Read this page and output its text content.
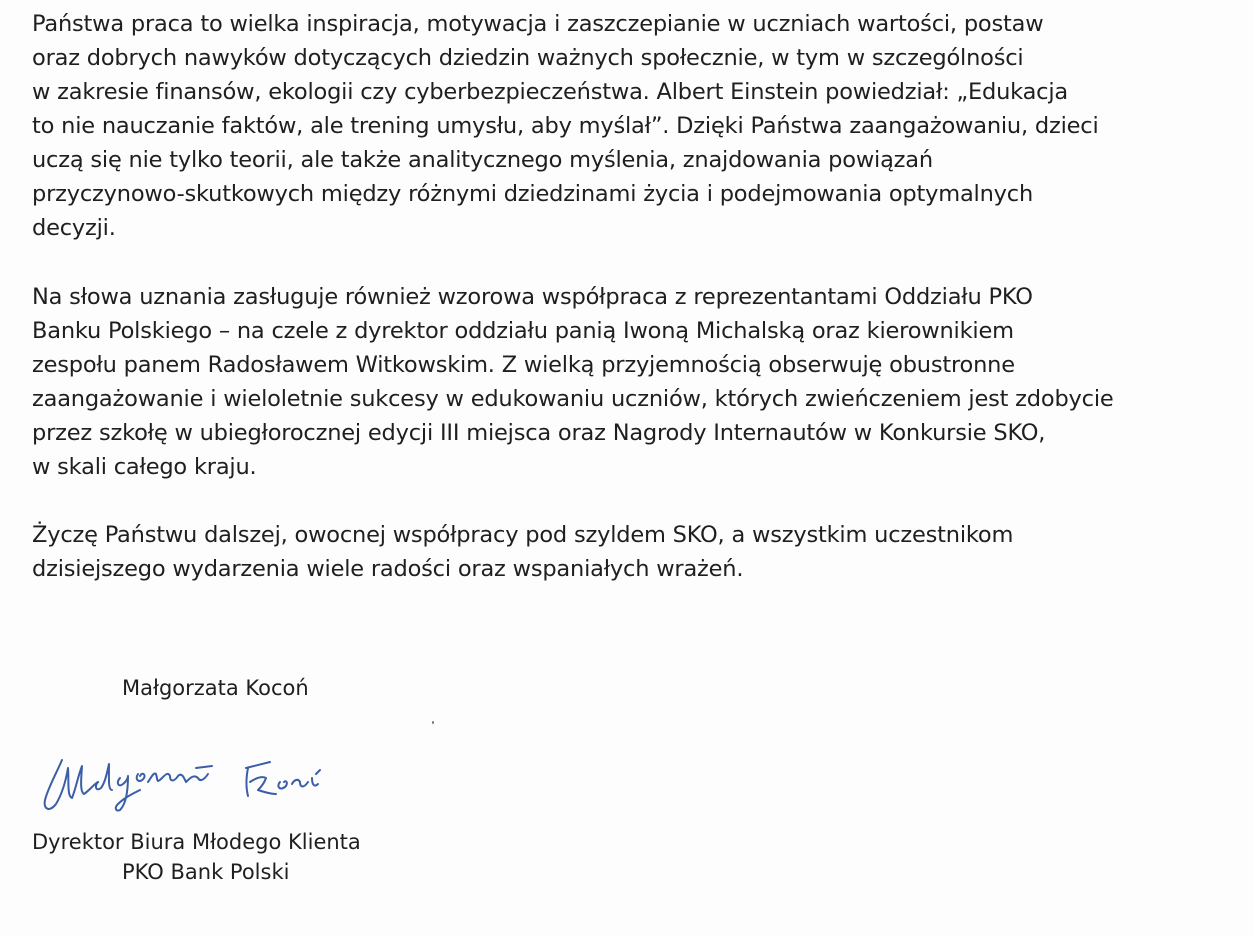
Państwa praca to wielka inspiracja, motywacja i zaszczepianie w uczniach wartości, postaw
oraz dobrych nawyków dotyczących dziedzin ważnych społecznie, w tym w szczególności
w zakresie finansów, ekologii czy cyberbezpieczeństwa. Albert Einstein powiedział: „Edukacja
to nie nauczanie faktów, ale trening umysłu, aby myślał”. Dzięki Państwa zaangażowaniu, dzieci
uczą się nie tylko teorii, ale także analitycznego myślenia, znajdowania powiązań
przyczynowo-skutkowych między różnymi dziedzinami życia i podejmowania optymalnych
decyzji.
Na słowa uznania zasługuje również wzorowa współpraca z reprezentantami Oddziału PKO
Banku Polskiego – na czele z dyrektor oddziału panią Iwoną Michalską oraz kierownikiem
zespołu panem Radosławem Witkowskim. Z wielką przyjemnością obserwuję obustronne
zaangażowanie i wieloletnie sukcesy w edukowaniu uczniów, których zwieńczeniem jest zdobycie
przez szkołę w ubiegłorocznej edycji III miejsca oraz Nagrody Internautów w Konkursie SKO,
w skali całego kraju.
Życzę Państwu dalszej, owocnej współpracy pod szyldem SKO, a wszystkim uczestnikom
dzisiejszego wydarzenia wiele radości oraz wspaniałych wrażeń.
Małgorzata Kocoń
Dyrektor Biura Młodego Klienta
PKO Bank Polski
